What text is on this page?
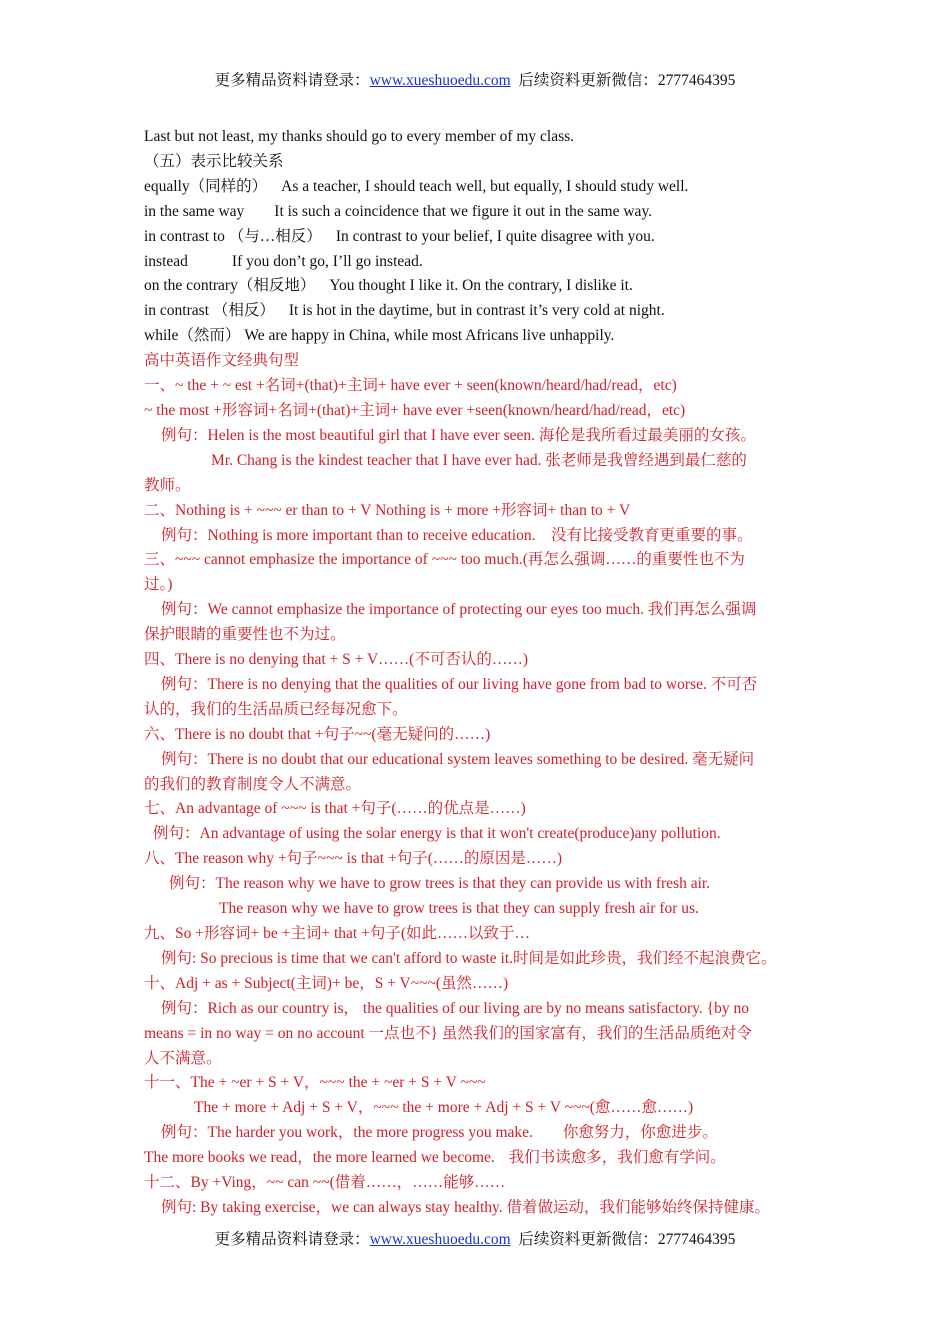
更多精品资料请登录：www.xueshuoedu.com 后续资料更新微信：2777464395
Last but not least, my thanks should go to every member of my class.
（五）表示比较关系
equally（同样的） As a teacher, I should teach well, but equally, I should study well.
in the same way It is such a coincidence that we figure it out in the same way.
in contrast to （与…相反） In contrast to your belief, I quite disagree with you.
instead	If you don’t go, I’ll go instead.
on the contrary（相反地） You thought I like it. On the contrary, I dislike it.
in contrast （相反） It is hot in the daytime, but in contrast it’s very cold at night.
while（然而） We are happy in China, while most Africans live unhappily.
高中英语作文经典句型
一、~ the + ~ est +名词+(that)+主词+ have ever + seen(known/heard/had/read，etc)
~ the most +形容词+名词+(that)+主词+ have ever +seen(known/heard/had/read，etc)
例句：Helen is the most beautiful girl that I have ever seen. 海伦是我所看过最美丽的女孩。
Mr. Chang is the kindest teacher that I have ever had. 张老师是我曾经遇到最仁慈的
教师。
二、Nothing is + ~~~ er than to + V Nothing is + more +形容词+ than to + V
例句：Nothing is more important than to receive education.　没有比接受教育更重要的事。
三、~~~ cannot emphasize the importance of ~~~ too much.(再怎么强调……的重要性也不为
过。)
例句：We cannot emphasize the importance of protecting our eyes too much. 我们再怎么强调
保护眼睛的重要性也不为过。
四、There is no denying that + S + V……(不可否认的……)
例句：There is no denying that the qualities of our living have gone from bad to worse. 不可否
认的，我们的生活品质已经每况愈下。
六、There is no doubt that +句子~~(毫无疑问的……)
例句：There is no doubt that our educational system leaves something to be desired. 毫无疑问
的我们的教育制度令人不满意。
七、An advantage of ~~~ is that +句子(……的优点是……)
例句：An advantage of using the solar energy is that it won't create(produce)any pollution.
八、The reason why +句子~~~ is that +句子(……的原因是……)
例句：The reason why we have to grow trees is that they can provide us with fresh air.
The reason why we have to grow trees is that they can supply fresh air for us.
九、So +形容词+ be +主词+ that +句子(如此……以致于…
例句: So precious is time that we can't afford to waste it.时间是如此珍贵，我们经不起浪费它。
十、Adj + as + Subject(主词)+ be，S + V~~~(虽然……)
例句：Rich as our country is， the qualities of our living are by no means satisfactory. {by no
means = in no way = on no account 一点也不} 虽然我们的国家富有，我们的生活品质绝对令
人不满意。
十一、The + ~er + S + V，~~~ the + ~er + S + V ~~~
The + more + Adj + S + V，~~~ the + more + Adj + S + V ~~~(愈……愈……)
例句：The harder you work，the more progress you make. 你愈努力，你愈进步。
The more books we read，the more learned we become. 我们书读愈多，我们愈有学问。
十二、By +Ving，~~ can ~~(借着……，……能够……
例句: By taking exercise，we can always stay healthy. 借着做运动，我们能够始终保持健康。
更多精品资料请登录：www.xueshuoedu.com 后续资料更新微信：2777464395
